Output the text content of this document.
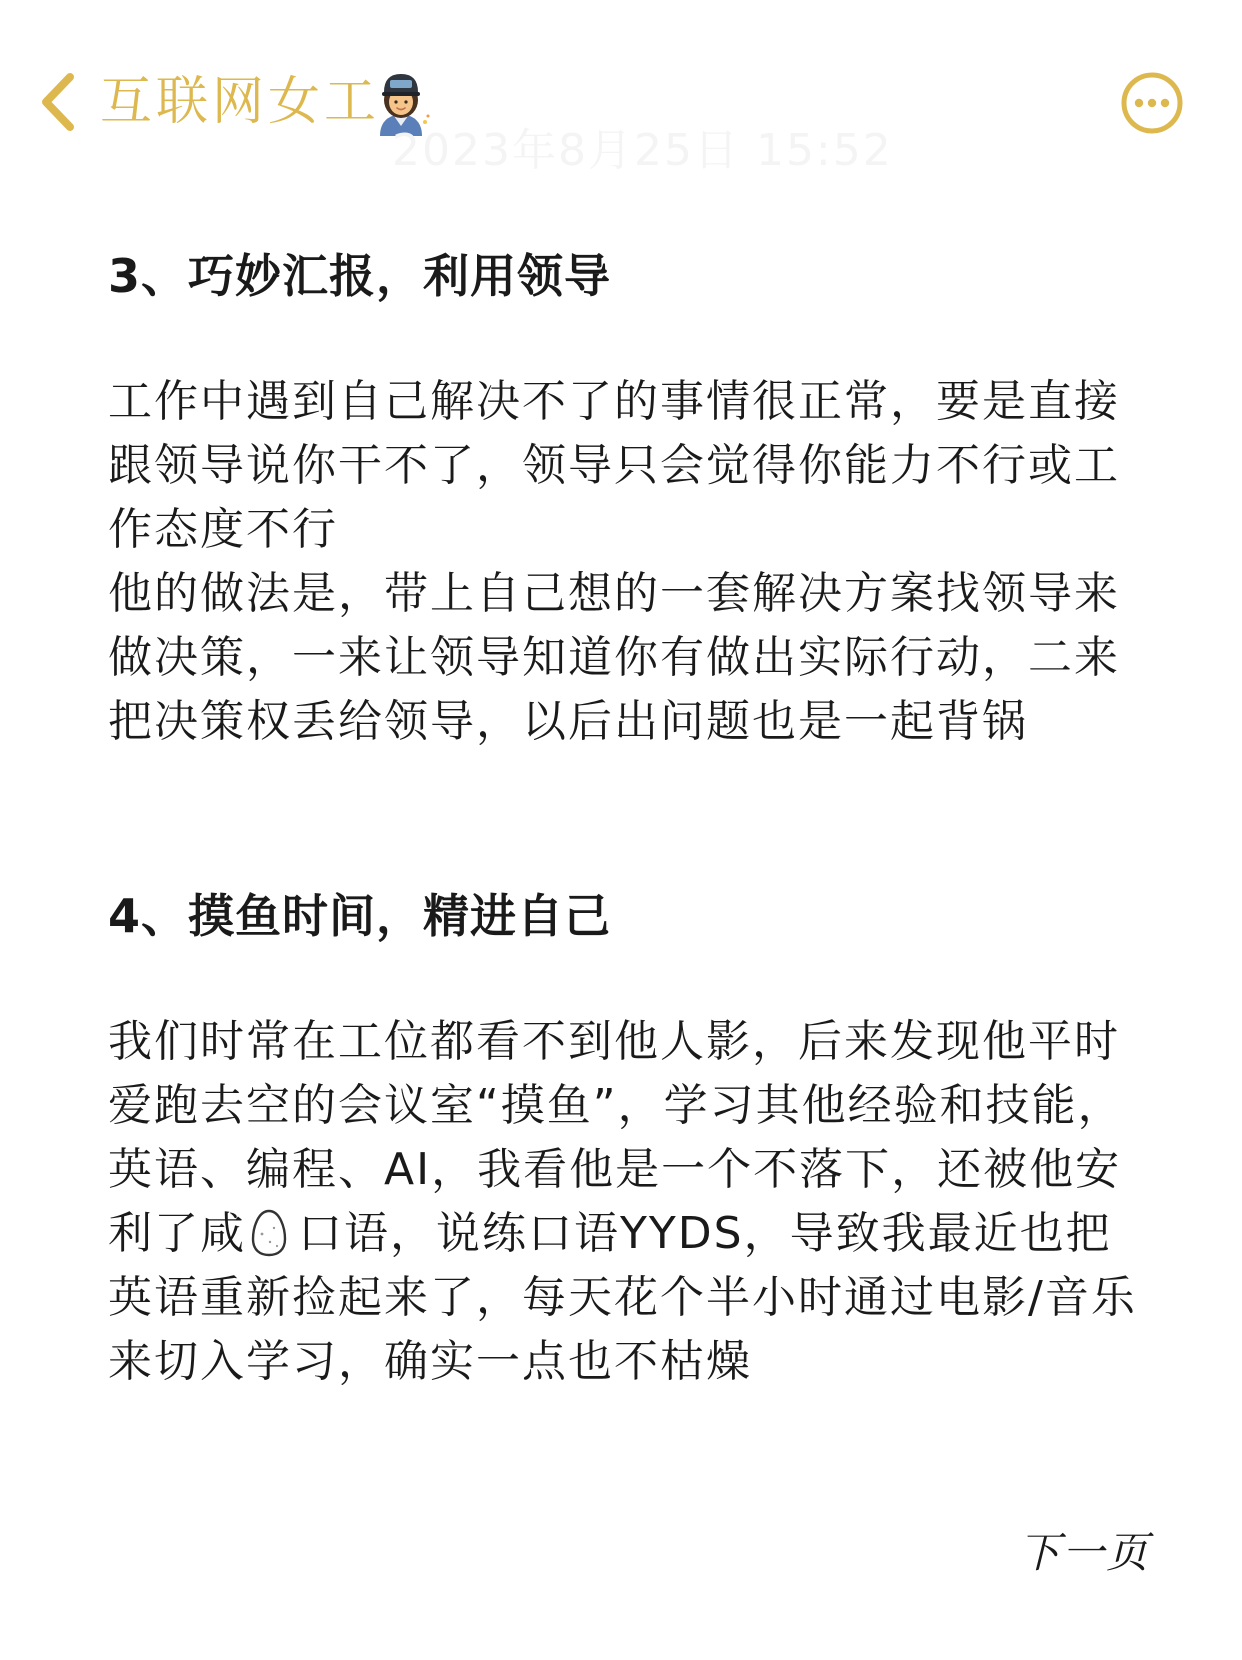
互联网女工
2023年8月25日 15:52

3、巧妙汇报，利用领导

工作中遇到自己解决不了的事情很正常，要是直接跟领导说你干不了，领导只会觉得你能力不行或工作态度不行

他的做法是，带上自己想的一套解决方案找领导来做决策，一来让领导知道你有做出实际行动，二来把决策权丢给领导，以后出问题也是一起背锅

4、摸鱼时间，精进自己

我们时常在工位都看不到他人影，后来发现他平时爱跑去空的会议室“摸鱼”，学习其他经验和技能，英语、编程、AI，我看他是一个不落下，还被他安利了咸 口语，说练口语YYDS，导致我最近也把英语重新捡起来了，每天花个半小时通过电影/音乐来切入学习，确实一点也不枯燥

下一页
